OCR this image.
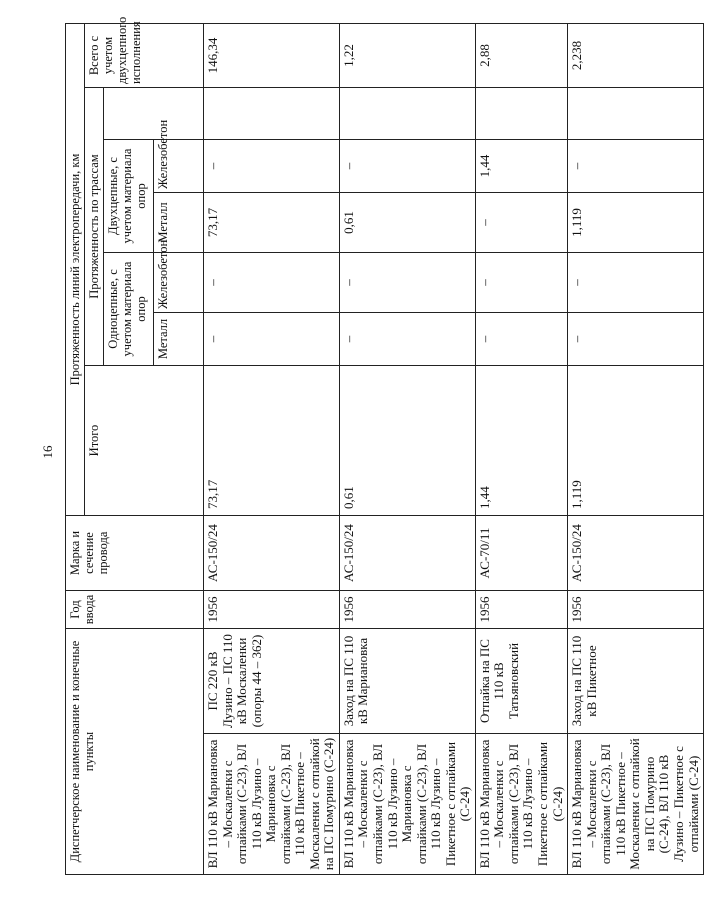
16
Диспетчерское наименование и конечные пункты		Год ввода	Марка и сечение провода	Протяженность линий электропередачи, км						
				Итого	Протяженность по трассам					Всего с учетом двухцепного исполнения
					Одноцепные, с учетом материала опор		Двухцепные, с учетом материала опор			
					Металл	Железобетон	Металл	Железобетон		
ВЛ 110 кВ Мариановка – Москаленки с отпайками (С-23), ВЛ 110 кВ Лузино – Мариановка с отпайками (С-23), ВЛ 110 кВ Пикетное – Москаленки с отпайкой на ПС Помурино (С-24)	ПС 220 кВ Лузино – ПС 110 кВ Москаленки (опоры 44 – 362)	1956	АС-150/24	73,17	–	–	73,17	–		146,34
ВЛ 110 кВ Мариановка – Москаленки с отпайками (С-23), ВЛ 110 кВ Лузино – Мариановка с отпайками (С-23), ВЛ 110 кВ Лузино – Пикетное с отпайками (С-24)	Заход на ПС 110 кВ Мариановка	1956	АС-150/24	0,61	–	–	0,61	–		1,22
ВЛ 110 кВ Мариановка – Москаленки с отпайками (С-23), ВЛ 110 кВ Лузино – Пикетное с отпайками (С-24)	Отпайка на ПС 110 кВ Татьяновский	1956	АС-70/11	1,44	–	–	–	1,44		2,88
ВЛ 110 кВ Мариановка – Москаленки с отпайками (С-23), ВЛ 110 кВ Пикетное – Москаленки с отпайкой на ПС Помурино (С-24), ВЛ 110 кВ Лузино – Пикетное с отпайками (С-24)	Заход на ПС 110 кВ Пикетное	1956	АС-150/24	1,119	–	–	1,119	–		2,238
